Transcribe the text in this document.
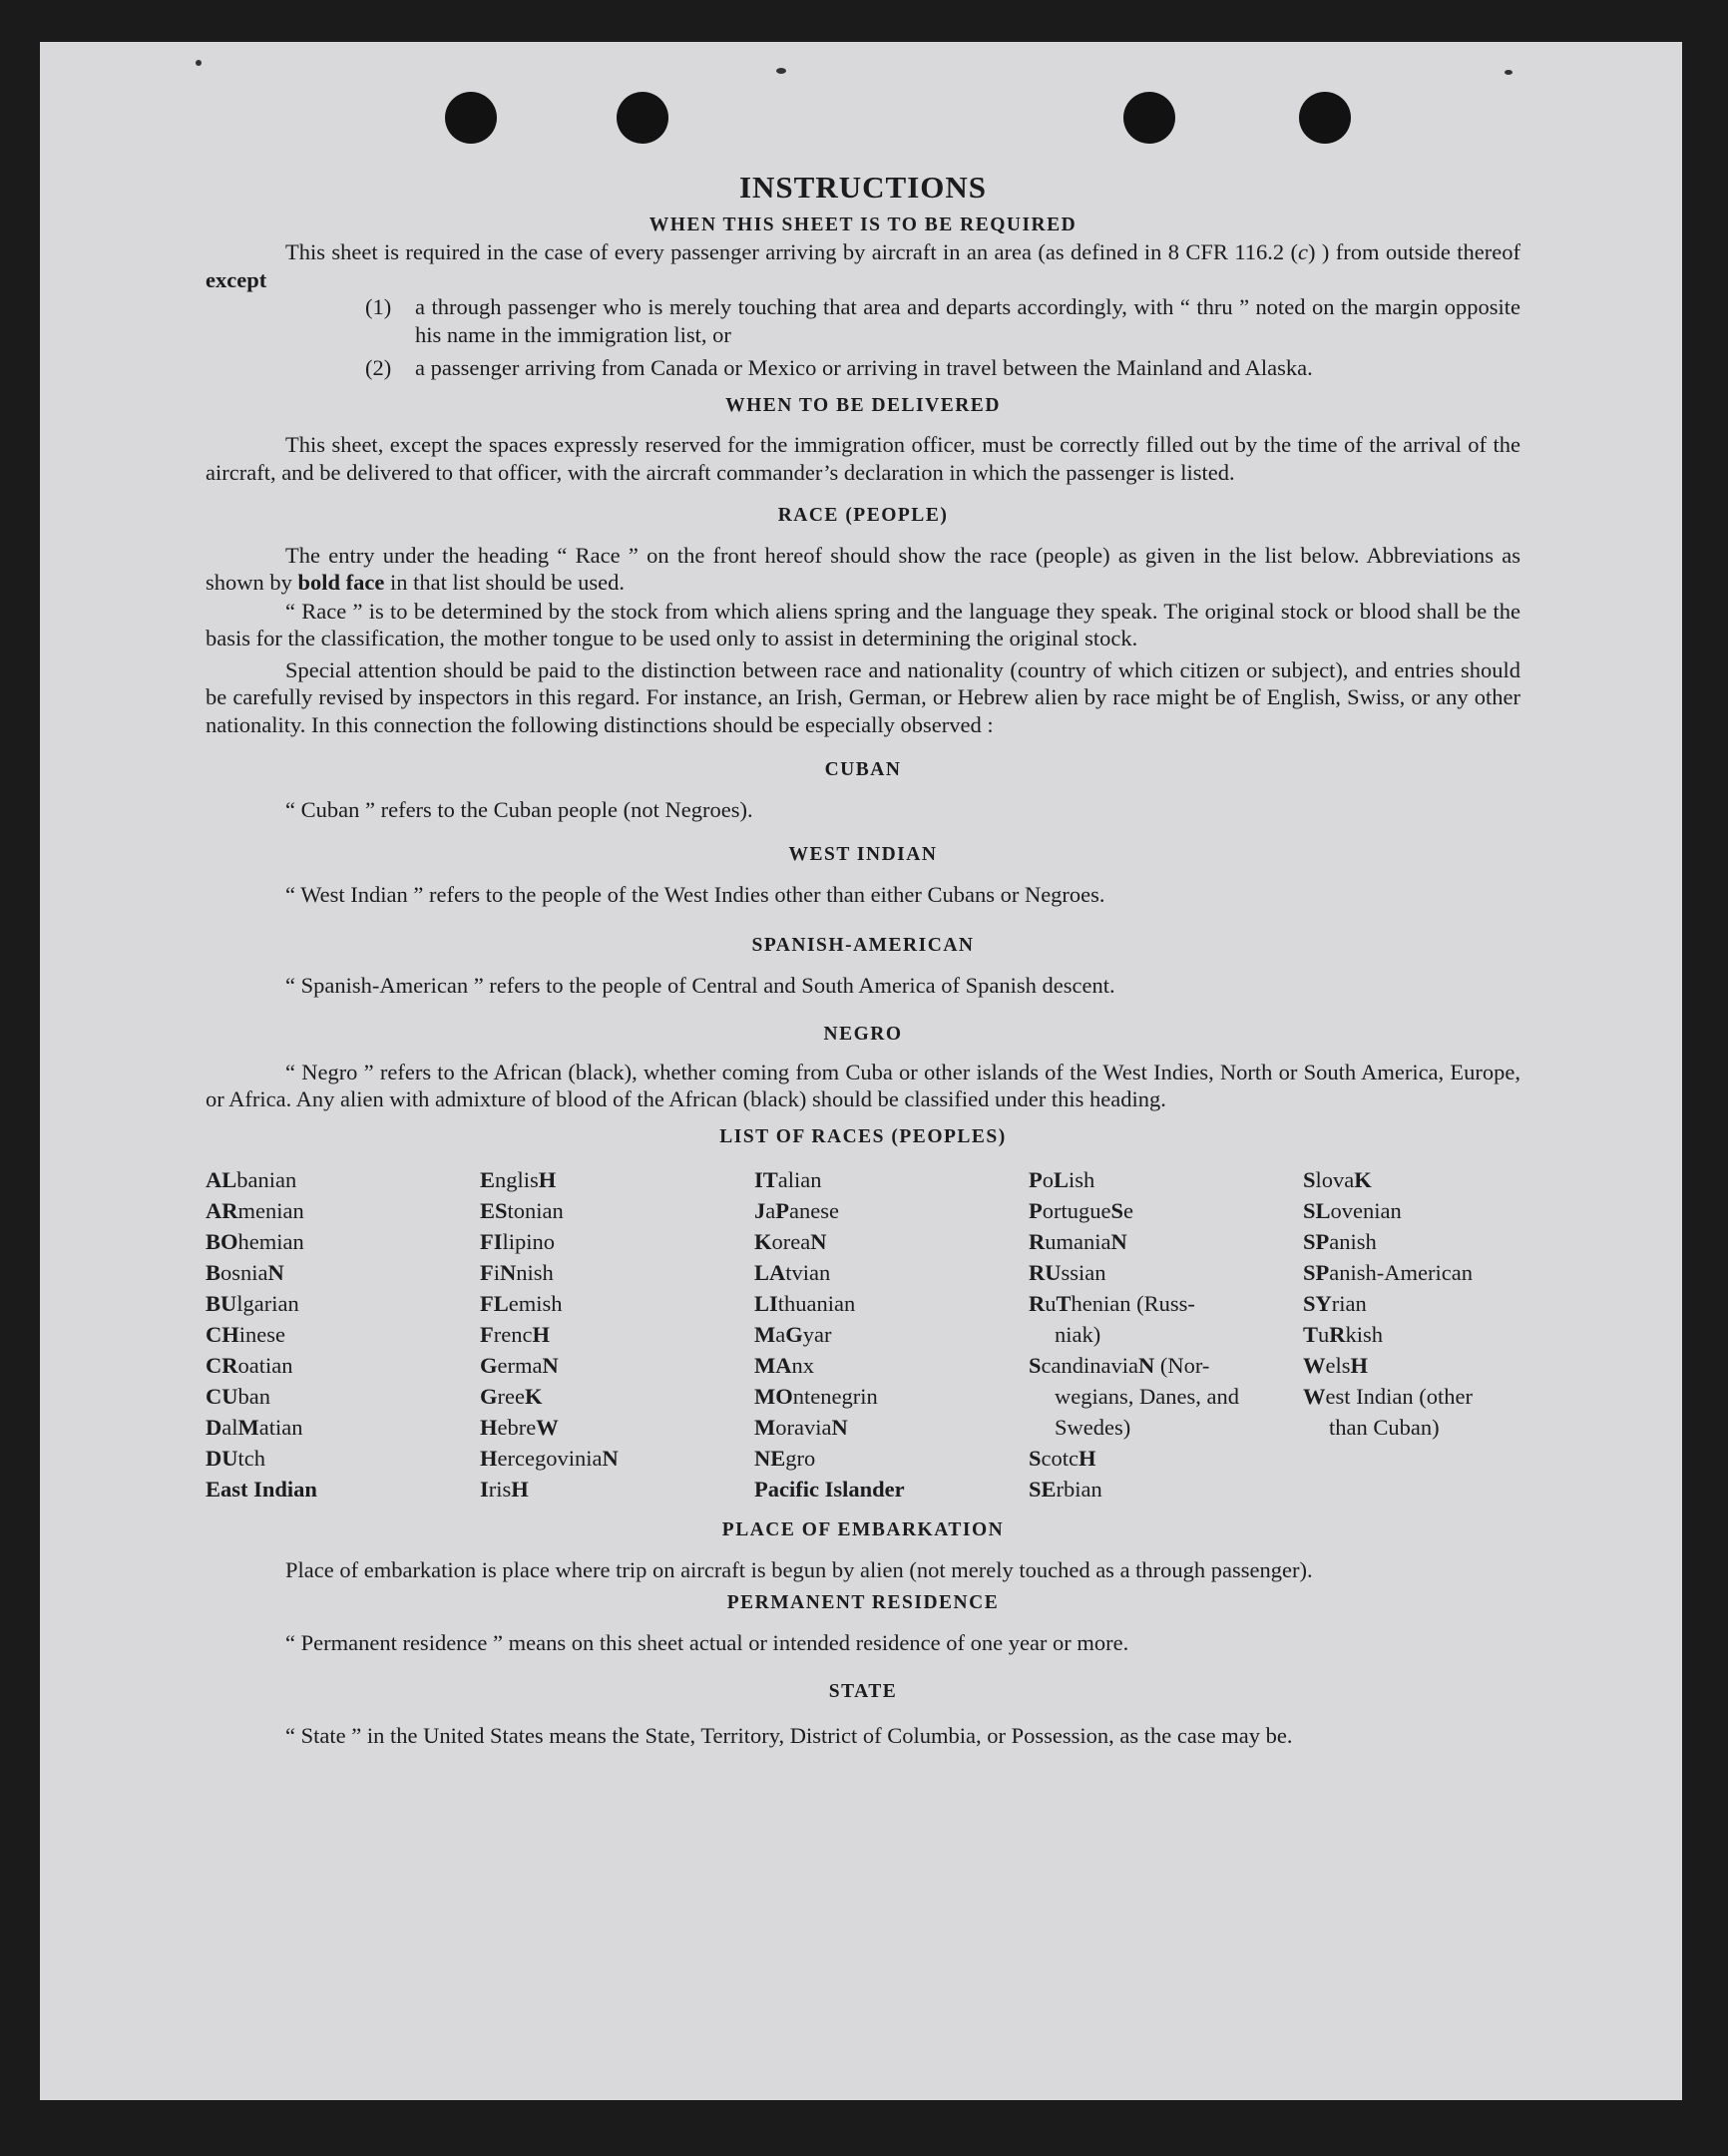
INSTRUCTIONS
WHEN THIS SHEET IS TO BE REQUIRED

This sheet is required in the case of every passenger arriving by aircraft in an area (as defined in 8 CFR 116.2 (c) ) from outside thereof except

(1)	a through passenger who is merely touching that area and departs accordingly, with “ thru ” noted on the margin opposite his name in the immigration list, or
(2)	a passenger arriving from Canada or Mexico or arriving in travel between the Mainland and Alaska.
WHEN TO BE DELIVERED

This sheet, except the spaces expressly reserved for the immigration officer, must be correctly filled out by the time of the arrival of the aircraft, and be delivered to that officer, with the aircraft commander’s declaration in which the passenger is listed.

RACE (PEOPLE)

The entry under the heading “ Race ” on the front hereof should show the race (people) as given in the list below. Abbreviations as shown by bold face in that list should be used.

“ Race ” is to be determined by the stock from which aliens spring and the language they speak. The original stock or blood shall be the basis for the classification, the mother tongue to be used only to assist in determining the original stock.

Special attention should be paid to the distinction between race and nationality (country of which citizen or subject), and entries should be carefully revised by inspectors in this regard. For instance, an Irish, German, or Hebrew alien by race might be of English, Swiss, or any other nationality. In this connection the following distinctions should be especially observed :

CUBAN

“ Cuban ” refers to the Cuban people (not Negroes).

WEST INDIAN

“ West Indian ” refers to the people of the West Indies other than either Cubans or Negroes.

SPANISH-AMERICAN

“ Spanish-American ” refers to the people of Central and South America of Spanish descent.

NEGRO

“ Negro ” refers to the African (black), whether coming from Cuba or other islands of the West Indies, North or South America, Europe, or Africa. Any alien with admixture of blood of the African (black) should be classified under this heading.

LIST OF RACES (PEOPLES)
ALbanian
ARmenian
BOhemian
BosniaN
BUlgarian
CHinese
CRoatian
CUban
DalMatian
DUtch
East Indian
EnglisH
EStonian
FIlipino
FiNnish
FLemish
FrencH
GermaN
GreeK
HebreW
HercegoviniaN
IrisH
ITalian
JaPanese
KoreaN
LAtvian
LIthuanian
MaGyar
MAnx
MOntenegrin
MoraviaN
NEgro
Pacific Islander
PoLish
PortugueSe
RumaniaN
RUssian
RuThenian (Russ-
niak)
ScandinaviaN (Nor-
wegians, Danes, and Swedes)
ScotcH
SErbian
SlovaK
SLovenian
SPanish
SPanish-American
SYrian
TuRkish
WelsH
West Indian (other
than Cuban)
PLACE OF EMBARKATION

Place of embarkation is place where trip on aircraft is begun by alien (not merely touched as a through passenger).

PERMANENT RESIDENCE

“ Permanent residence ” means on this sheet actual or intended residence of one year or more.

STATE

“ State ” in the United States means the State, Territory, District of Columbia, or Possession, as the case may be.
